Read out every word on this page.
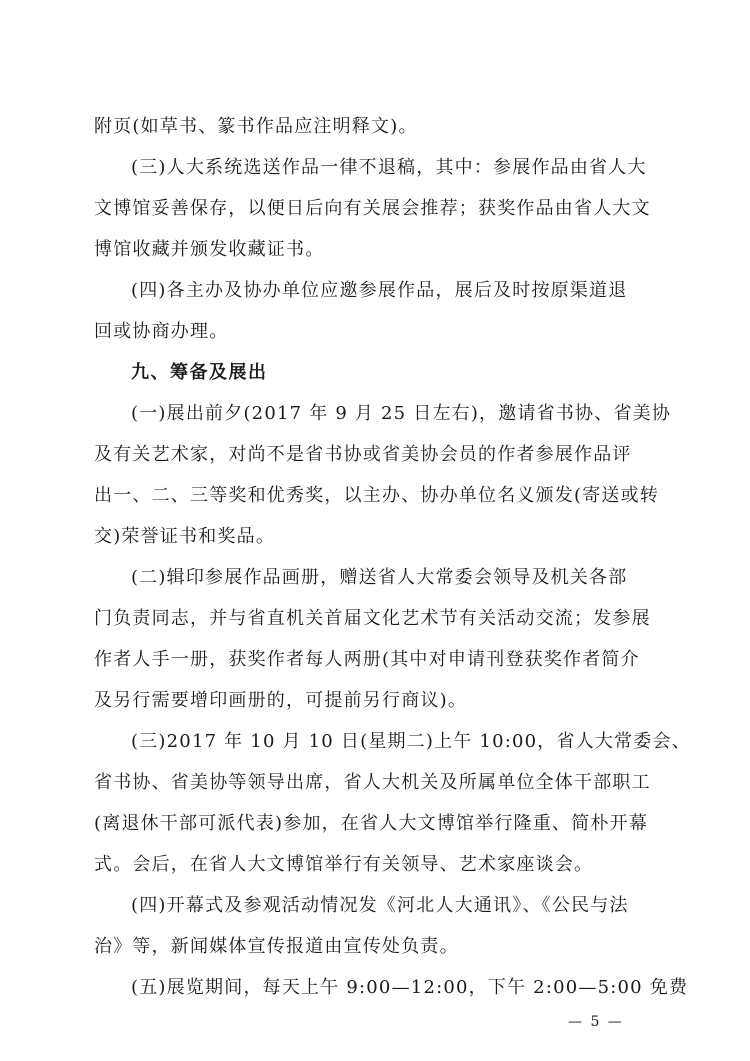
附页(如草书、篆书作品应注明释文)。
(三)人大系统选送作品一律不退稿，其中：参展作品由省人大
文博馆妥善保存，以便日后向有关展会推荐；获奖作品由省人大文
博馆收藏并颁发收藏证书。
(四)各主办及协办单位应邀参展作品，展后及时按原渠道退
回或协商办理。
九、筹备及展出
(一)展出前夕(2017 年 9 月 25 日左右)，邀请省书协、省美协
及有关艺术家，对尚不是省书协或省美协会员的作者参展作品评
出一、二、三等奖和优秀奖，以主办、协办单位名义颁发(寄送或转
交)荣誉证书和奖品。
(二)辑印参展作品画册，赠送省人大常委会领导及机关各部
门负责同志，并与省直机关首届文化艺术节有关活动交流；发参展
作者人手一册，获奖作者每人两册(其中对申请刊登获奖作者简介
及另行需要增印画册的，可提前另行商议)。
(三)2017 年 10 月 10 日(星期二)上午 10:00，省人大常委会、
省书协、省美协等领导出席，省人大机关及所属单位全体干部职工
(离退休干部可派代表)参加，在省人大文博馆举行隆重、简朴开幕
式。会后，在省人大文博馆举行有关领导、艺术家座谈会。
(四)开幕式及参观活动情况发《河北人大通讯》、《公民与法
治》等，新闻媒体宣传报道由宣传处负责。
(五)展览期间，每天上午 9:00—12:00，下午 2:00—5:00 免费
— 5 —
